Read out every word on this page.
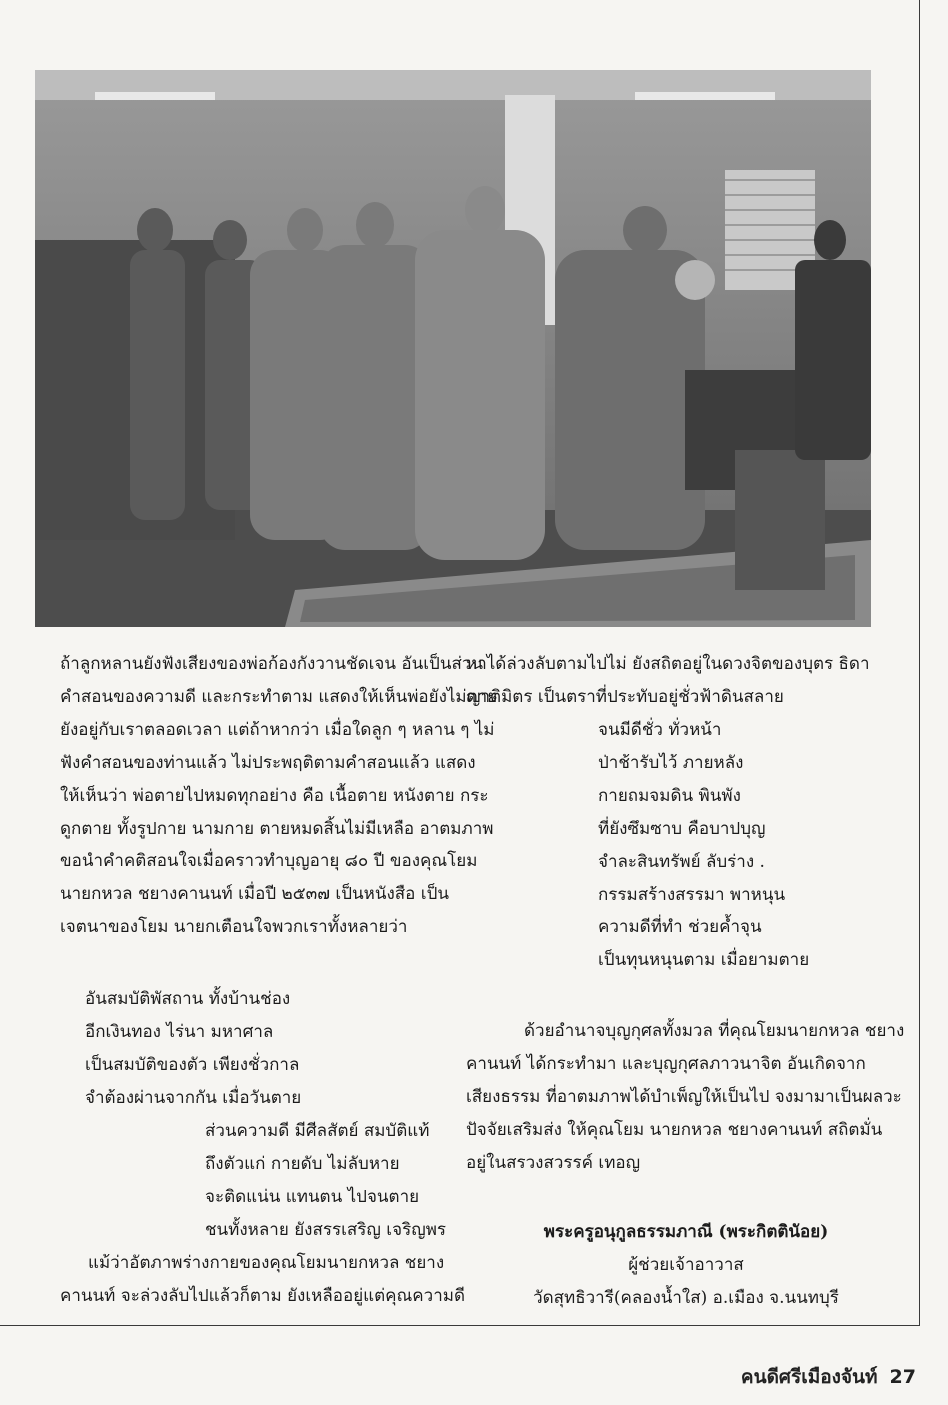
ถ้าลูกหลานยังฟังเสียงของพ่อก้องกังวานชัดเจน อันเป็นส่วน

คำสอนของความดี และกระทำตาม แสดงให้เห็นพ่อยังไม่ตาย

ยังอยู่กับเราตลอดเวลา แต่ถ้าหากว่า เมื่อใดลูก ๆ หลาน ๆ ไม่

ฟังคำสอนของท่านแล้ว ไม่ประพฤติตามคำสอนแล้ว แสดง

ให้เห็นว่า พ่อตายไปหมดทุกอย่าง คือ เนื้อตาย หนังตาย กระ

ดูกตาย ทั้งรูปกาย นามกาย ตายหมดสิ้นไม่มีเหลือ อาตมภาพ

ขอนำคำคติสอนใจเมื่อคราวทำบุญอายุ ๘๐ ปี ของคุณโยม

นายกหวล ชยางคานนท์ เมื่อปี ๒๕๓๗ เป็นหนังสือ เป็น

เจตนาของโยม นายกเตือนใจพวกเราทั้งหลายว่า

อันสมบัติพัสถาน ทั้งบ้านช่อง

อีกเงินทอง ไร่นา มหาศาล

เป็นสมบัติของตัว เพียงชั่วกาล

จำต้องผ่านจากกัน เมื่อวันตาย

ส่วนความดี มีศีลสัตย์ สมบัติแท้

ถึงตัวแก่ กายดับ ไม่ลับหาย

จะติดแน่น แทนตน ไปจนตาย

ชนทั้งหลาย ยังสรรเสริญ เจริญพร

แม้ว่าอัตภาพร่างกายของคุณโยมนายกหวล ชยาง

คานนท์ จะล่วงลับไปแล้วก็ตาม ยังเหลืออยู่แต่คุณความดี

หาได้ล่วงลับตามไปไม่ ยังสถิตอยู่ในดวงจิตของบุตร ธิดา

ญาติมิตร เป็นตราที่ประทับอยู่ชั่วฟ้าดินสลาย

จนมีดีชั่ว ทั่วหน้า

ป่าช้ารับไว้ ภายหลัง

กายถมจมดิน พินพัง

ที่ยังซึมซาบ คือบาปบุญ

จำละสินทรัพย์ ลับร่าง .

กรรมสร้างสรรมา พาหนุน

ความดีที่ทำ ช่วยค้ำจุน

เป็นทุนหนุนตาม เมื่อยามตาย

ด้วยอำนาจบุญกุศลทั้งมวล ที่คุณโยมนายกหวล ชยาง

คานนท์ ได้กระทำมา และบุญกุศลภาวนาจิต อันเกิดจาก

เสียงธรรม ที่อาตมภาพได้บำเพ็ญให้เป็นไป จงมามาเป็นผลวะ

ปัจจัยเสริมส่ง ให้คุณโยม นายกหวล ชยางคานนท์ สถิตมั่น

อยู่ในสรวงสวรรค์ เทอญ

พระครูอนุกูลธรรมภาณี (พระกิตตินัอย)

ผู้ช่วยเจ้าอาวาส

วัดสุทธิวารี(คลองน้ำใส) อ.เมือง จ.นนทบุรี

คนดีศรีเมืองจันท์ 27
